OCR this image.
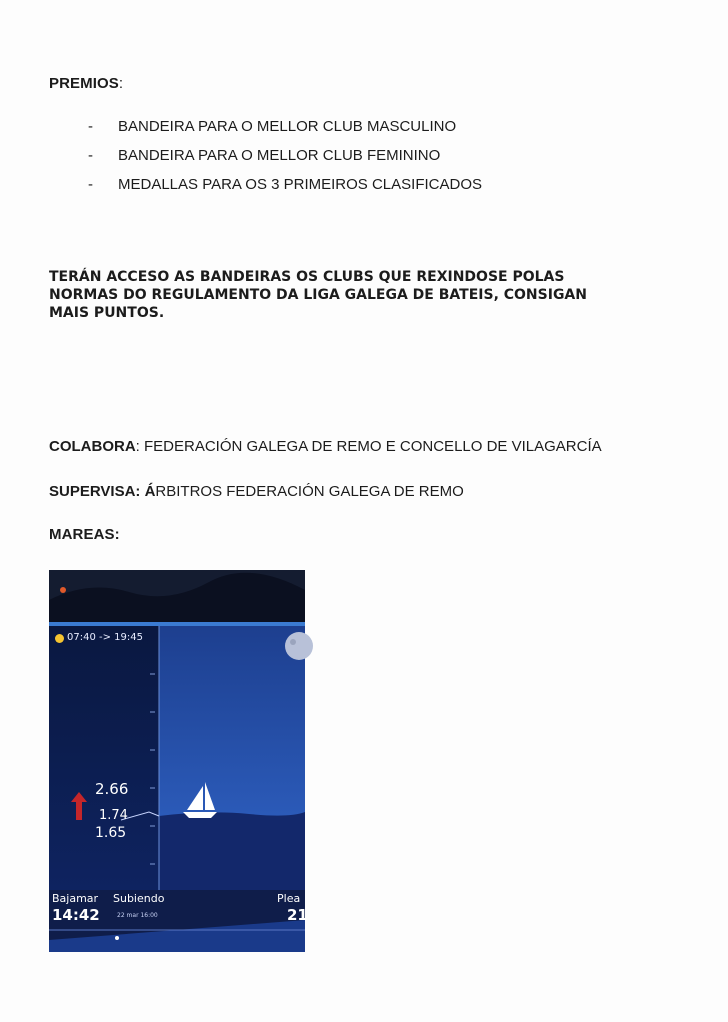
PREMIOS:
-	BANDEIRA PARA O MELLOR CLUB MASCULINO
-	BANDEIRA PARA O MELLOR CLUB FEMININO
-	MEDALLAS PARA OS 3 PRIMEIROS CLASIFICADOS
TERÁN ACCESO AS BANDEIRAS OS CLUBS QUE REXINDOSE POLAS NORMAS DO REGULAMENTO DA LIGA GALEGA DE BATEIS, CONSIGAN MAIS PUNTOS.
COLABORA: FEDERACIÓN GALEGA DE REMO E CONCELLO DE VILAGARCÍA
SUPERVISA: ÁRBITROS FEDERACIÓN GALEGA DE REMO
MAREAS:
07:40 -> 19:45
2.66
1.74
1.65
Bajamar
14:42
Subiendo
22 mar 16:00
Plea
21
